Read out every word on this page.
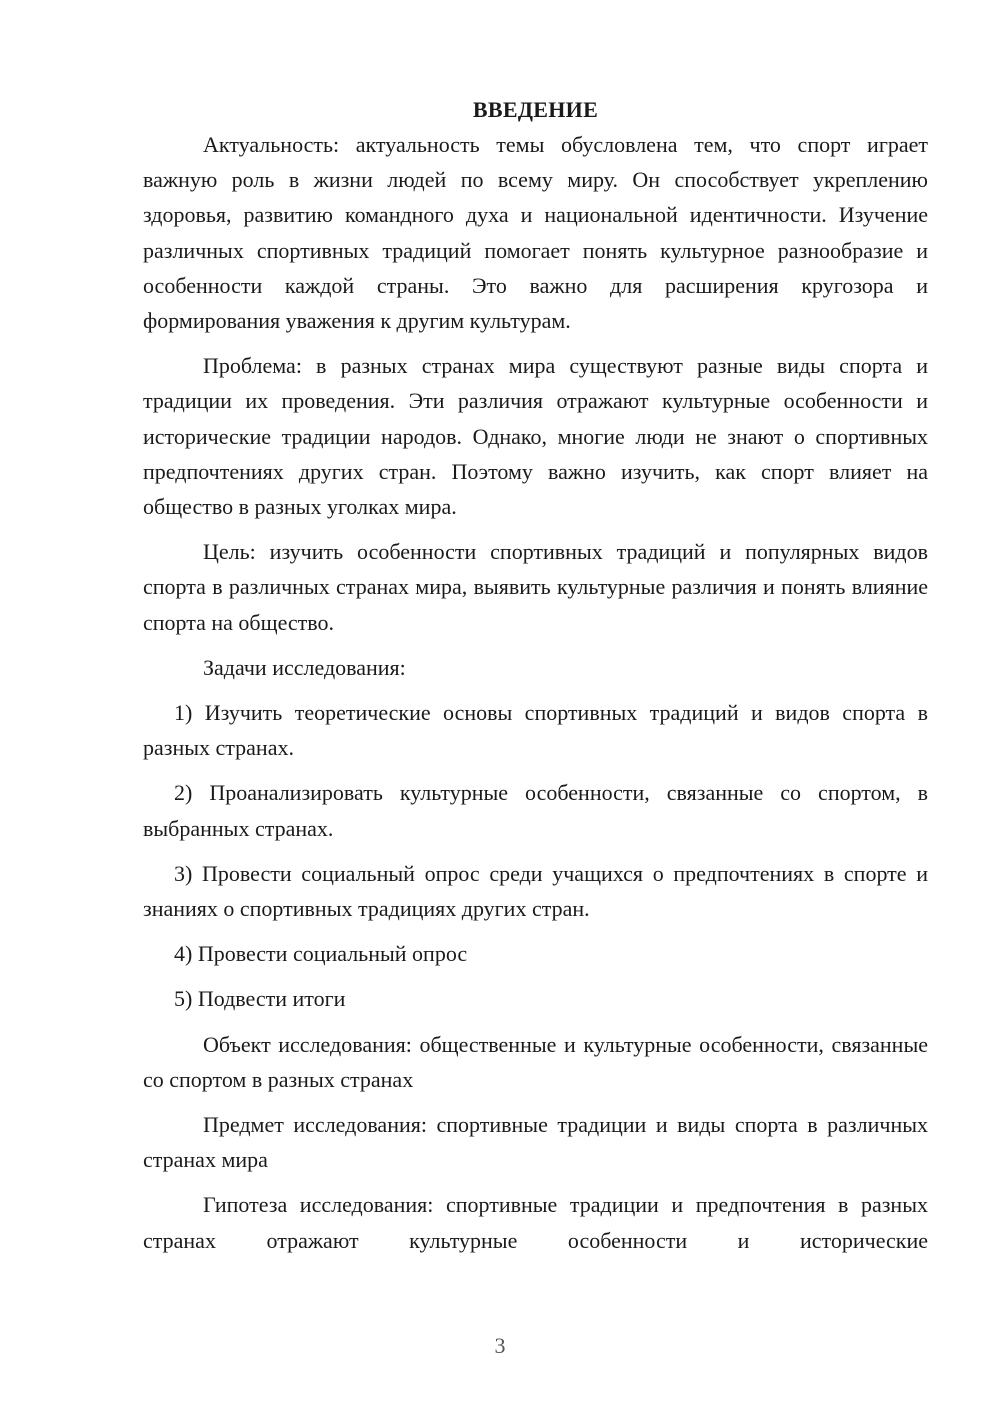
ВВЕДЕНИЕ

Актуальность: актуальность темы обусловлена тем, что спорт играет важную роль в жизни людей по всему миру. Он способствует укреплению здоровья, развитию командного духа и национальной идентичности. Изучение различных спортивных традиций помогает понять культурное разнообразие и особенности каждой страны. Это важно для расширения кругозора и формирования уважения к другим культурам.

Проблема: в разных странах мира существуют разные виды спорта и традиции их проведения. Эти различия отражают культурные особенности и исторические традиции народов. Однако, многие люди не знают о спортивных предпочтениях других стран. Поэтому важно изучить, как спорт влияет на общество в разных уголках мира.

Цель: изучить особенности спортивных традиций и популярных видов спорта в различных странах мира, выявить культурные различия и понять влияние спорта на общество.

Задачи исследования:

1) Изучить теоретические основы спортивных традиций и видов спорта в разных странах.

2) Проанализировать культурные особенности, связанные со спортом, в выбранных странах.

3) Провести социальный опрос среди учащихся о предпочтениях в спорте и знаниях о спортивных традициях других стран.

4) Провести социальный опрос

5) Подвести итоги

Объект исследования: общественные и культурные особенности, связанные со спортом в разных странах

Предмет исследования: спортивные традиции и виды спорта в различных странах мира

Гипотеза исследования: спортивные традиции и предпочтения в разных странах отражают культурные особенности и исторические

3
